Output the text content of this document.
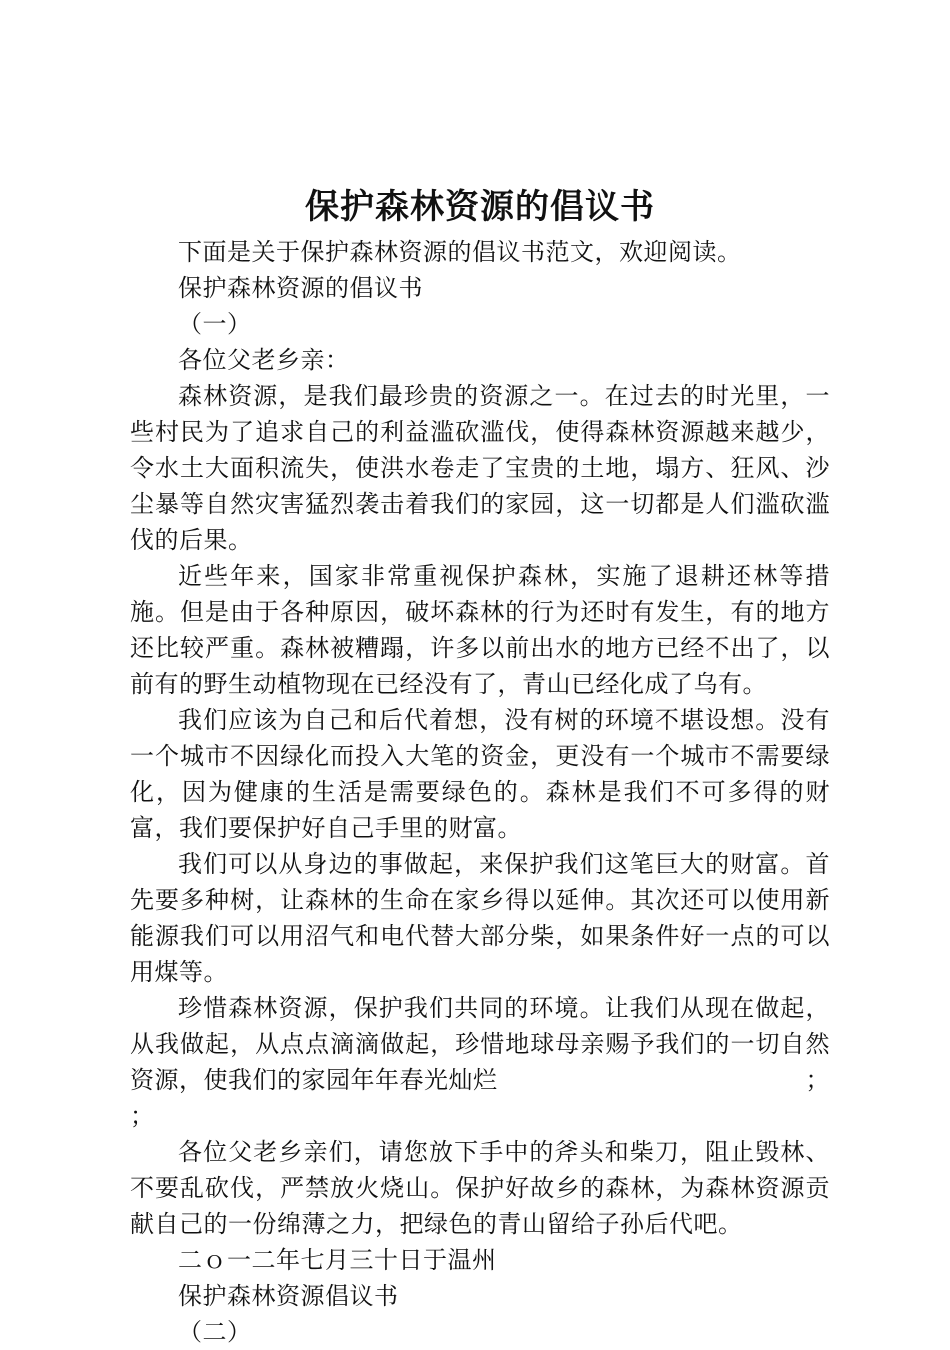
保护森林资源的倡议书

下面是关于保护森林资源的倡议书范文，欢迎阅读。

保护森林资源的倡议书

（一）

各位父老乡亲：

森林资源，是我们最珍贵的资源之一。在过去的时光里，一些村民为了追求自己的利益滥砍滥伐，使得森林资源越来越少，令水土大面积流失，使洪水卷走了宝贵的土地，塌方、狂风、沙尘暴等自然灾害猛烈袭击着我们的家园，这一切都是人们滥砍滥伐的后果。

近些年来，国家非常重视保护森林，实施了退耕还林等措施。但是由于各种原因，破坏森林的行为还时有发生，有的地方还比较严重。森林被糟蹋，许多以前出水的地方已经不出了，以前有的野生动植物现在已经没有了，青山已经化成了乌有。

我们应该为自己和后代着想，没有树的环境不堪设想。没有一个城市不因绿化而投入大笔的资金，更没有一个城市不需要绿化，因为健康的生活是需要绿色的。森林是我们不可多得的财富，我们要保护好自己手里的财富。

我们可以从身边的事做起，来保护我们这笔巨大的财富。首先要多种树，让森林的生命在家乡得以延伸。其次还可以使用新能源我们可以用沼气和电代替大部分柴，如果条件好一点的可以用煤等。

珍惜森林资源，保护我们共同的环境。让我们从现在做起，从我做起，从点点滴滴做起，珍惜地球母亲赐予我们的一切自然资源，使我们的家园年年春光灿烂	；

；

各位父老乡亲们，请您放下手中的斧头和柴刀，阻止毁林、不要乱砍伐，严禁放火烧山。保护好故乡的森林，为森林资源贡献自己的一份绵薄之力，把绿色的青山留给子孙后代吧。

二ｏ一二年七月三十日于温州

保护森林资源倡议书

（二）
